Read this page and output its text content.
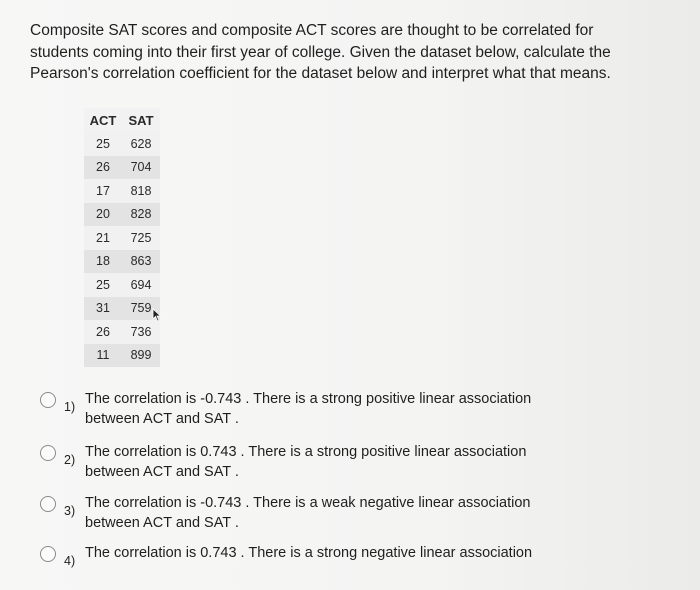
Composite SAT scores and composite ACT scores are thought to be correlated for students coming into their first year of college. Given the dataset below, calculate the Pearson's correlation coefficient for the dataset below and interpret what that means.
ACT	SAT
25	628
26	704
17	818
20	828
21	725
18	863
25	694
31	759
26	736
11	899
1) The correlation is -0.743 . There is a strong positive linear association between ACT and SAT .
2) The correlation is 0.743 . There is a strong positive linear association between ACT and SAT .
3) The correlation is -0.743 . There is a weak negative linear association between ACT and SAT .
4) The correlation is 0.743 . There is a strong negative linear association
